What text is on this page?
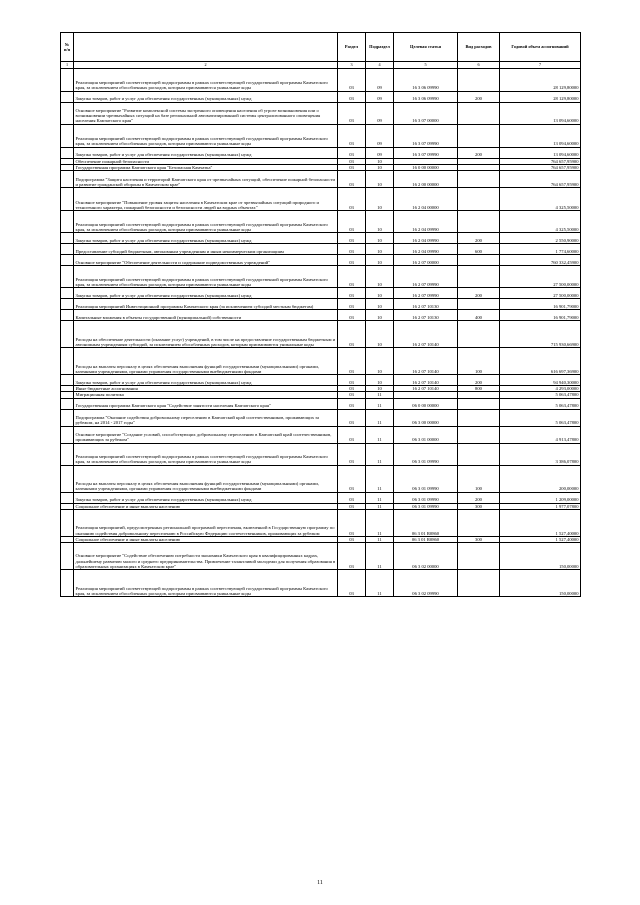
№ п/п		Раздел	Подраздел	Целевая статья	Вид расходов	Годовой объем ассигнований
1	2	3	4	5	6	7
	Реализация мероприятий соответствующей подпрограммы в рамках соответствующей государственной программы Камчатского края, за исключением обособленных расходов, которым присваиваются уникальные коды	03	09	16 3 06 09990		28 129,80000
	Закупка товаров, работ и услуг для обеспечения государственных (муниципальных) нужд	03	09	16 3 06 09990	200	28 129,80000
	Основное мероприятие "Развитие комплексной системы экстренного оповещения населения об угрозе возникновения или о возникновении чрезвычайных ситуаций на базе региональной автоматизированной системы централизованного оповещения населения Камчатского края"	03	09	16 3 07 00000		13 094,60000
	Реализация мероприятий соответствующей подпрограммы в рамках соответствующей государственной программы Камчатского края, за исключением обособленных расходов, которым присваиваются уникальные коды	03	09	16 3 07 09990		13 094,60000
	Закупка товаров, работ и услуг для обеспечения государственных (муниципальных) нужд	03	09	16 3 07 09990	200	13 094,60000
	Обеспечение пожарной безопасности	03	10			764 657,95900
	Государственная программа Камчатского края "Безопасная Камчатка"	03	10	16 0 00 00000		764 657,95900
	Подпрограмма "Защита населения и территорий Камчатского края от чрезвычайных ситуаций, обеспечение пожарной безопасности и развитие гражданской обороны в Камчатском крае"	03	10	16 2 00 00000		764 657,95900
	Основное мероприятие "Повышение уровня защиты населения в Камчатском крае от чрезвычайных ситуаций природного и техногенного характера, пожарной безопасности и безопасности людей на водных объектах"	03	10	16 2 04 00000		4 325,50000
	Реализация мероприятий соответствующей подпрограммы в рамках соответствующей государственной программы Камчатского края, за исключением обособленных расходов, которым присваиваются уникальные коды	03	10	16 2 04 09990		4 325,50000
	Закупка товаров, работ и услуг для обеспечения государственных (муниципальных) нужд	03	10	16 2 04 09990	200	2 550,90000
	Предоставление субсидий бюджетным, автономным учреждениям и иным некоммерческим организациям	03	10	16 2 04 09990	600	1 774,60000
	Основное мероприятие "Обеспечение деятельности и содержание подведомственных учреждений"	03	10	16 2 07 00000		760 332,45900
	Реализация мероприятий соответствующей подпрограммы в рамках соответствующей государственной программы Камчатского края, за исключением обособленных расходов, которым присваиваются уникальные коды	03	10	16 2 07 09990		27 500,00000
	Закупка товаров, работ и услуг для обеспечения государственных (муниципальных) нужд	03	10	16 2 07 09990	200	27 500,00000
	Реализация мероприятий Инвестиционной программы Камчатского края (за исключением субсидий местным бюджетам)	03	10	16 2 07 10130		16 901,79000
	Капитальные вложения в объекты государственной (муниципальной) собственности	03	10	16 2 07 10130	400	16 901,79000
	Расходы на обеспечение деятельности (оказание услуг) учреждений, в том числе на предоставление государственным бюджетным и автономным учреждениям субсидий, за исключением обособленных расходов, которым присваиваются уникальные коды	03	10	16 2 07 10140		715 930,66900
	Расходы на выплаты персоналу в целях обеспечения выполнения функций государственными (муниципальными) органами, казенными учреждениями, органами управления государственными внебюджетными фондами	03	10	16 2 07 10140	100	616 697,36900
	Закупка товаров, работ и услуг для обеспечения государственных (муниципальных) нужд	03	10	16 2 07 10140	200	94 940,30000
	Иные бюджетные ассигнования	03	10	16 2 07 10140	800	4 293,00000
	Миграционная политика	03	11			5 063,47800
	Государственная программа Камчатского края "Содействие занятости населения Камчатского края"	03	11	06 0 00 00000		5 063,47800
	Подпрограмма "Оказание содействия добровольному переселению в Камчатский край соотечественников, проживающих за рубежом, на 2014 - 2017 годы"	03	11	06 3 00 00000		5 063,47800
	Основное мероприятие "Создание условий, способствующих добровольному переселению в Камчатский край соотечественников, проживающих за рубежом"	03	11	06 3 01 00000		4 913,47800
	Реализация мероприятий соответствующей подпрограммы в рамках соответствующей государственной программы Камчатского края, за исключением обособленных расходов, которым присваиваются уникальные коды	03	11	06 3 01 09990		3 386,07800
	Расходы на выплаты персоналу в целях обеспечения выполнения функций государственными (муниципальными) органами, казенными учреждениями, органами управления государственными внебюджетными фондами	03	11	06 3 01 09990	100	200,00000
	Закупка товаров, работ и услуг для обеспечения государственных (муниципальных) нужд	03	11	06 3 01 09990	200	1 209,00000
	Социальное обеспечение и иные выплаты населению	03	11	06 3 01 09990	300	1 977,07800
	Реализация мероприятий, предусмотренных региональной программой переселения, включенной в Государственную программу по оказанию содействия добровольному переселению в Российскую Федерацию соотечественников, проживающих за рубежом	03	11	06 3 01 R0860		1 527,40000
	Социальное обеспечение и иные выплаты населению	03	11	06 3 01 R0860	300	1 527,40000
	Основное мероприятие "Содействие обеспечению потребности экономики Камчатского края в квалифицированных кадрах, дальнейшему развитию малого и среднего предпринимательства. Привлечение талантливой молодежи для получения образования в образовательных организациях в Камчатском крае"	03	11	06 3 02 00000		150,00000
	Реализация мероприятий соответствующей подпрограммы в рамках соответствующей государственной программы Камчатского края, за исключением обособленных расходов, которым присваиваются уникальные коды	03	11	06 3 02 09990		150,00000
11
